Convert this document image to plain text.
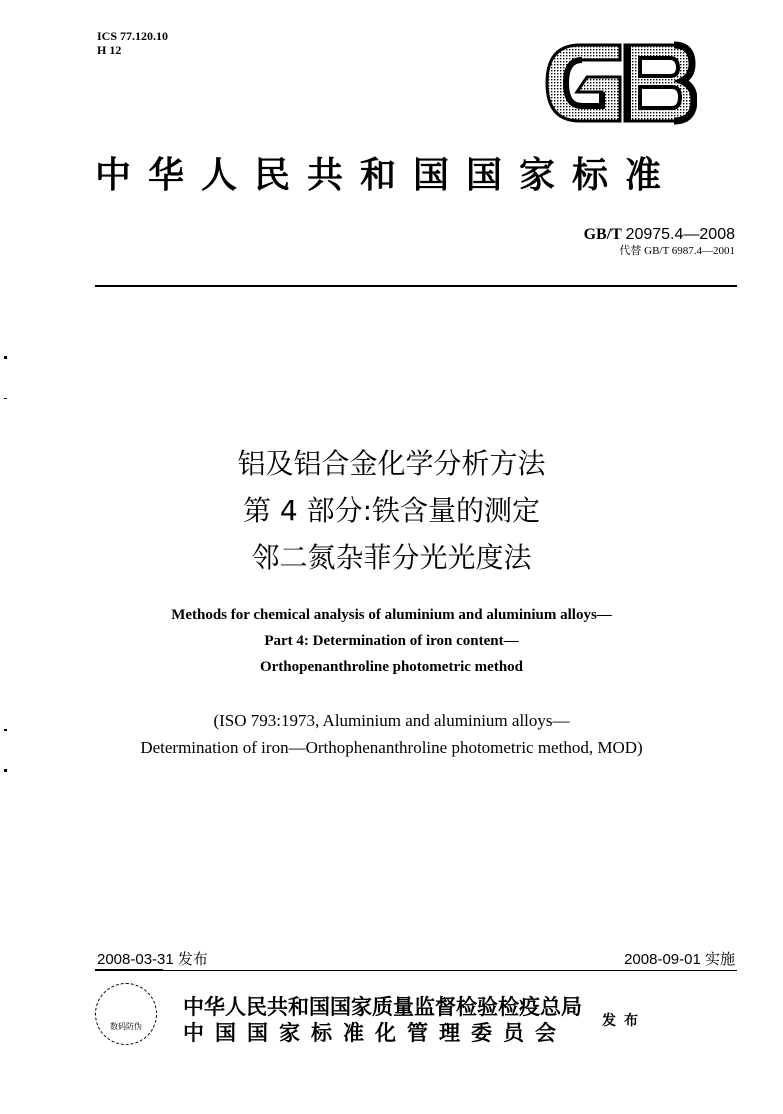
ICS 77.120.10
H 12
中华人民共和国国家标准
GB/T 20975.4—2008
代替 GB/T 6987.4—2001
铝及铝合金化学分析方法
第 4 部分:铁含量的测定
邻二氮杂菲分光光度法
Methods for chemical analysis of aluminium and aluminium alloys—
Part 4: Determination of iron content—
Orthopenanthroline photometric method
(ISO 793:1973, Aluminium and aluminium alloys—
Determination of iron—Orthophenanthroline photometric method, MOD)
2008-03-31 发布	2008-09-01 实施
数码防伪
中华人民共和国国家质量监督检验检疫总局
中国国家标准化管理委员会	发布
